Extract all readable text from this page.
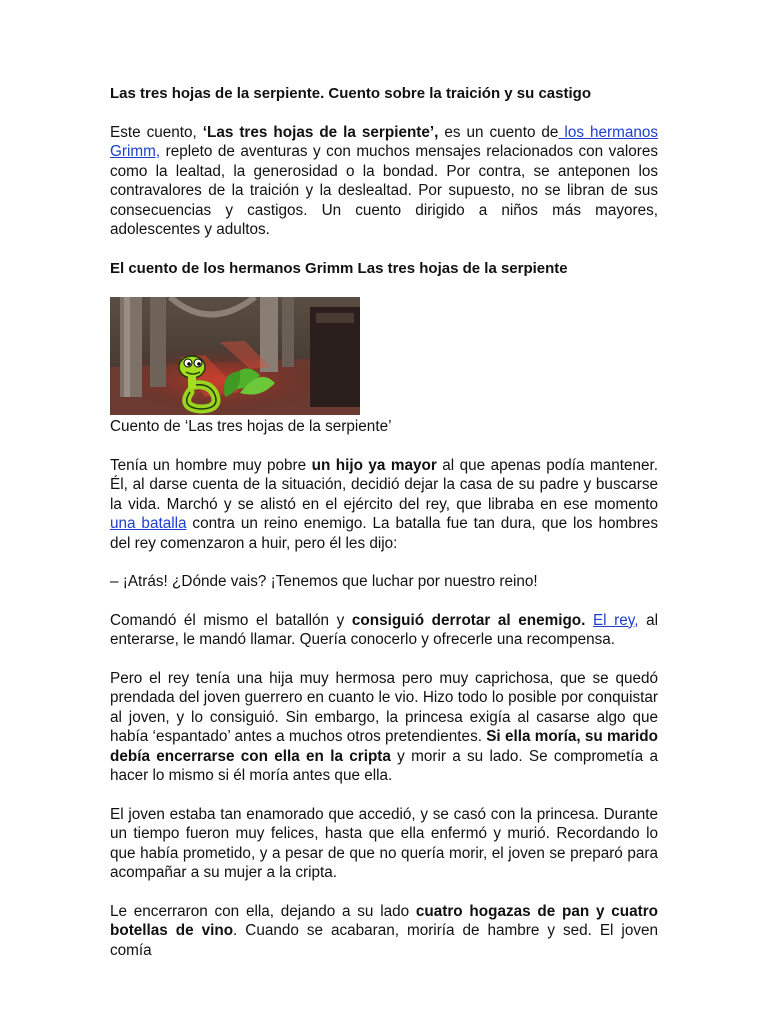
Las tres hojas de la serpiente. Cuento sobre la traición y su castigo

Este cuento, ‘Las tres hojas de la serpiente’, es un cuento de los hermanos Grimm, repleto de aventuras y con muchos mensajes relacionados con valores como la lealtad, la generosidad o la bondad. Por contra, se anteponen los contravalores de la traición y la deslealtad. Por supuesto, no se libran de sus consecuencias y castigos. Un cuento dirigido a niños más mayores, adolescentes y adultos.

El cuento de los hermanos Grimm Las tres hojas de la serpiente

Cuento de ‘Las tres hojas de la serpiente’

Tenía un hombre muy pobre un hijo ya mayor al que apenas podía mantener. Él, al darse cuenta de la situación, decidió dejar la casa de su padre y buscarse la vida. Marchó y se alistó en el ejército del rey, que libraba en ese momento una batalla contra un reino enemigo. La batalla fue tan dura, que los hombres del rey comenzaron a huir, pero él les dijo:

– ¡Atrás! ¿Dónde vais? ¡Tenemos que luchar por nuestro reino!

Comandó él mismo el batallón y consiguió derrotar al enemigo. El rey, al enterarse, le mandó llamar. Quería conocerlo y ofrecerle una recompensa.

Pero el rey tenía una hija muy hermosa pero muy caprichosa, que se quedó prendada del joven guerrero en cuanto le vio. Hizo todo lo posible por conquistar al joven, y lo consiguió. Sin embargo, la princesa exigía al casarse algo que había ‘espantado’ antes a muchos otros pretendientes. Si ella moría, su marido debía encerrarse con ella en la cripta y morir a su lado. Se comprometía a hacer lo mismo si él moría antes que ella.

El joven estaba tan enamorado que accedió, y se casó con la princesa. Durante un tiempo fueron muy felices, hasta que ella enfermó y murió. Recordando lo que había prometido, y a pesar de que no quería morir, el joven se preparó para acompañar a su mujer a la cripta.

Le encerraron con ella, dejando a su lado cuatro hogazas de pan y cuatro botellas de vino. Cuando se acabaran, moriría de hambre y sed. El joven comía
